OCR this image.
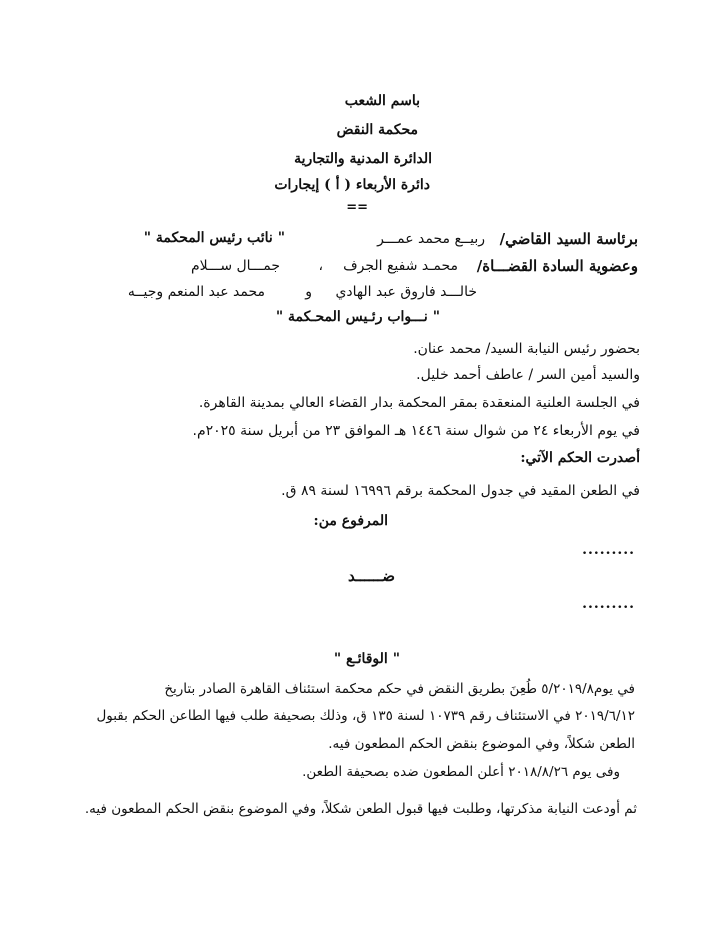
باسم الشعب
محكمة النقض
الدائرة المدنية والتجارية
دائرة الأربعاء ( أ ) إيجارات
==
برئاسة السيد القاضي/
ربيــع محمد عمـــر
" نائب رئيس المحكمة "
وعضوية السادة القضـــاة/
محمـد شفيع الجرف
،
جمـــال ســـلام
خالـــد فاروق عبد الهادي
و
محمد عبد المنعم وجيــه
" نـــواب رئـيس المحـكمة "
بحضور رئيس النيابة السيد/ محمد عنان.
والسيد أمين السر / عاطف أحمد خليل.
في الجلسة العلنية المنعقدة بمقر المحكمة بدار القضاء العالي بمدينة القاهرة.
في يوم الأربعاء ٢٤ من شوال سنة ١٤٤٦ هـ الموافق ٢٣ من أبريل سنة ٢٠٢٥م.
أصدرت الحكم الآتي:
في الطعن المقيد في جدول المحكمة برقم ١٦٩٩٦ لسنة ٨٩ ق.
المرفوع من:
.........
ضــــــد
.........
" الوقائـع "
في يوم٥/٢٠١٩/٨ طُعِنَ بطريق النقض في حكم محكمة استئناف القاهرة الصادر بتاريخ
٢٠١٩/٦/١٢ في الاستئناف رقم ١٠٧٣٩ لسنة ١٣٥ ق، وذلك بصحيفة طلب فيها الطاعن الحكم بقبول
الطعن شكلاً، وفي الموضوع بنقض الحكم المطعون فيه.
وفى يوم ٢٠١٨/٨/٢٦ أعلن المطعون ضده بصحيفة الطعن.
ثم أودعت النيابة مذكرتها، وطلبت فيها قبول الطعن شكلاً، وفي الموضوع بنقض الحكم المطعون فيه.
